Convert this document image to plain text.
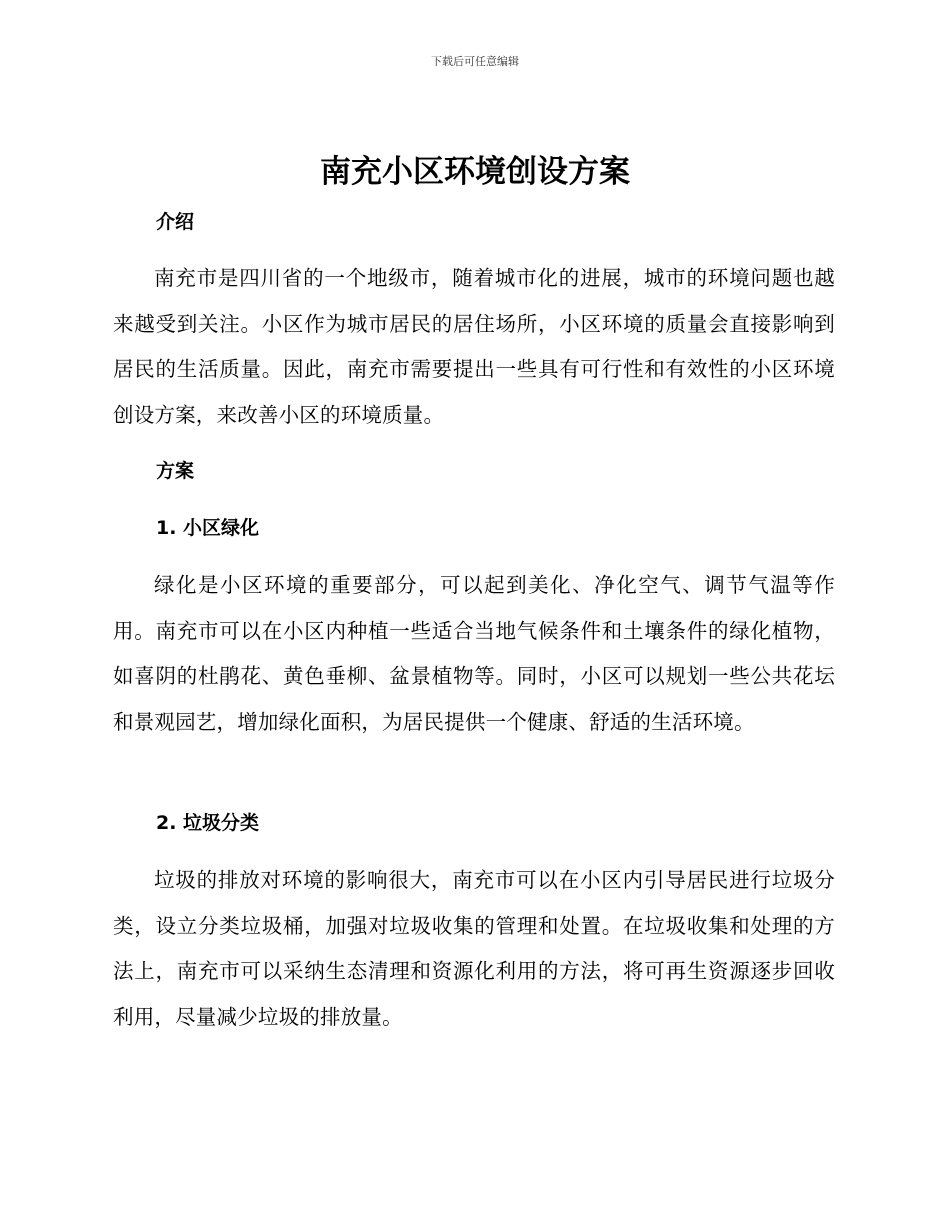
下载后可任意编辑
南充小区环境创设方案
介绍

南充市是四川省的一个地级市，随着城市化的进展，城市的环境问题也越来越受到关注。小区作为城市居民的居住场所，小区环境的质量会直接影响到居民的生活质量。因此，南充市需要提出一些具有可行性和有效性的小区环境创设方案，来改善小区的环境质量。

方案
1. 小区绿化

绿化是小区环境的重要部分，可以起到美化、净化空气、调节气温等作用。南充市可以在小区内种植一些适合当地气候条件和土壤条件的绿化植物，如喜阴的杜鹃花、黄色垂柳、盆景植物等。同时，小区可以规划一些公共花坛和景观园艺，增加绿化面积，为居民提供一个健康、舒适的生活环境。

2. 垃圾分类

垃圾的排放对环境的影响很大，南充市可以在小区内引导居民进行垃圾分类，设立分类垃圾桶，加强对垃圾收集的管理和处置。在垃圾收集和处理的方法上，南充市可以采纳生态清理和资源化利用的方法，将可再生资源逐步回收利用，尽量减少垃圾的排放量。
